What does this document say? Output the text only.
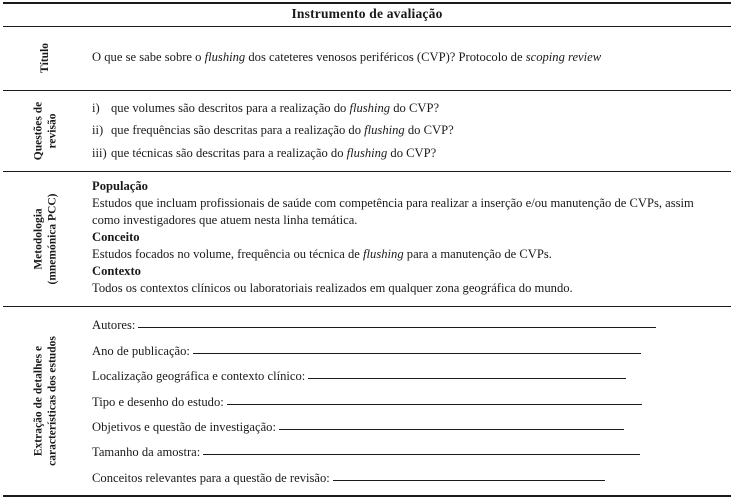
Instrumento de avaliação
Título	O que se sabe sobre o flushing dos cateteres venosos periféricos (CVP)? Protocolo de scoping review
Questões de revisão
i) que volumes são descritos para a realização do flushing do CVP?
ii) que frequências são descritas para a realização do flushing do CVP?
iii) que técnicas são descritas para a realização do flushing do CVP?
Metodologia (mnemónica PCC)
População

Estudos que incluam profissionais de saúde com competência para realizar a inserção e/ou manutenção de CVPs, assim como investigadores que atuem nesta linha temática.

Conceito

Estudos focados no volume, frequência ou técnica de flushing para a manutenção de CVPs.

Contexto

Todos os contextos clínicos ou laboratoriais realizados em qualquer zona geográfica do mundo.

Extração de detalhes e características dos estudos
Autores:
Ano de publicação:
Localização geográfica e contexto clínico:
Tipo e desenho do estudo:
Objetivos e questão de investigação:
Tamanho da amostra:
Conceitos relevantes para a questão de revisão:
